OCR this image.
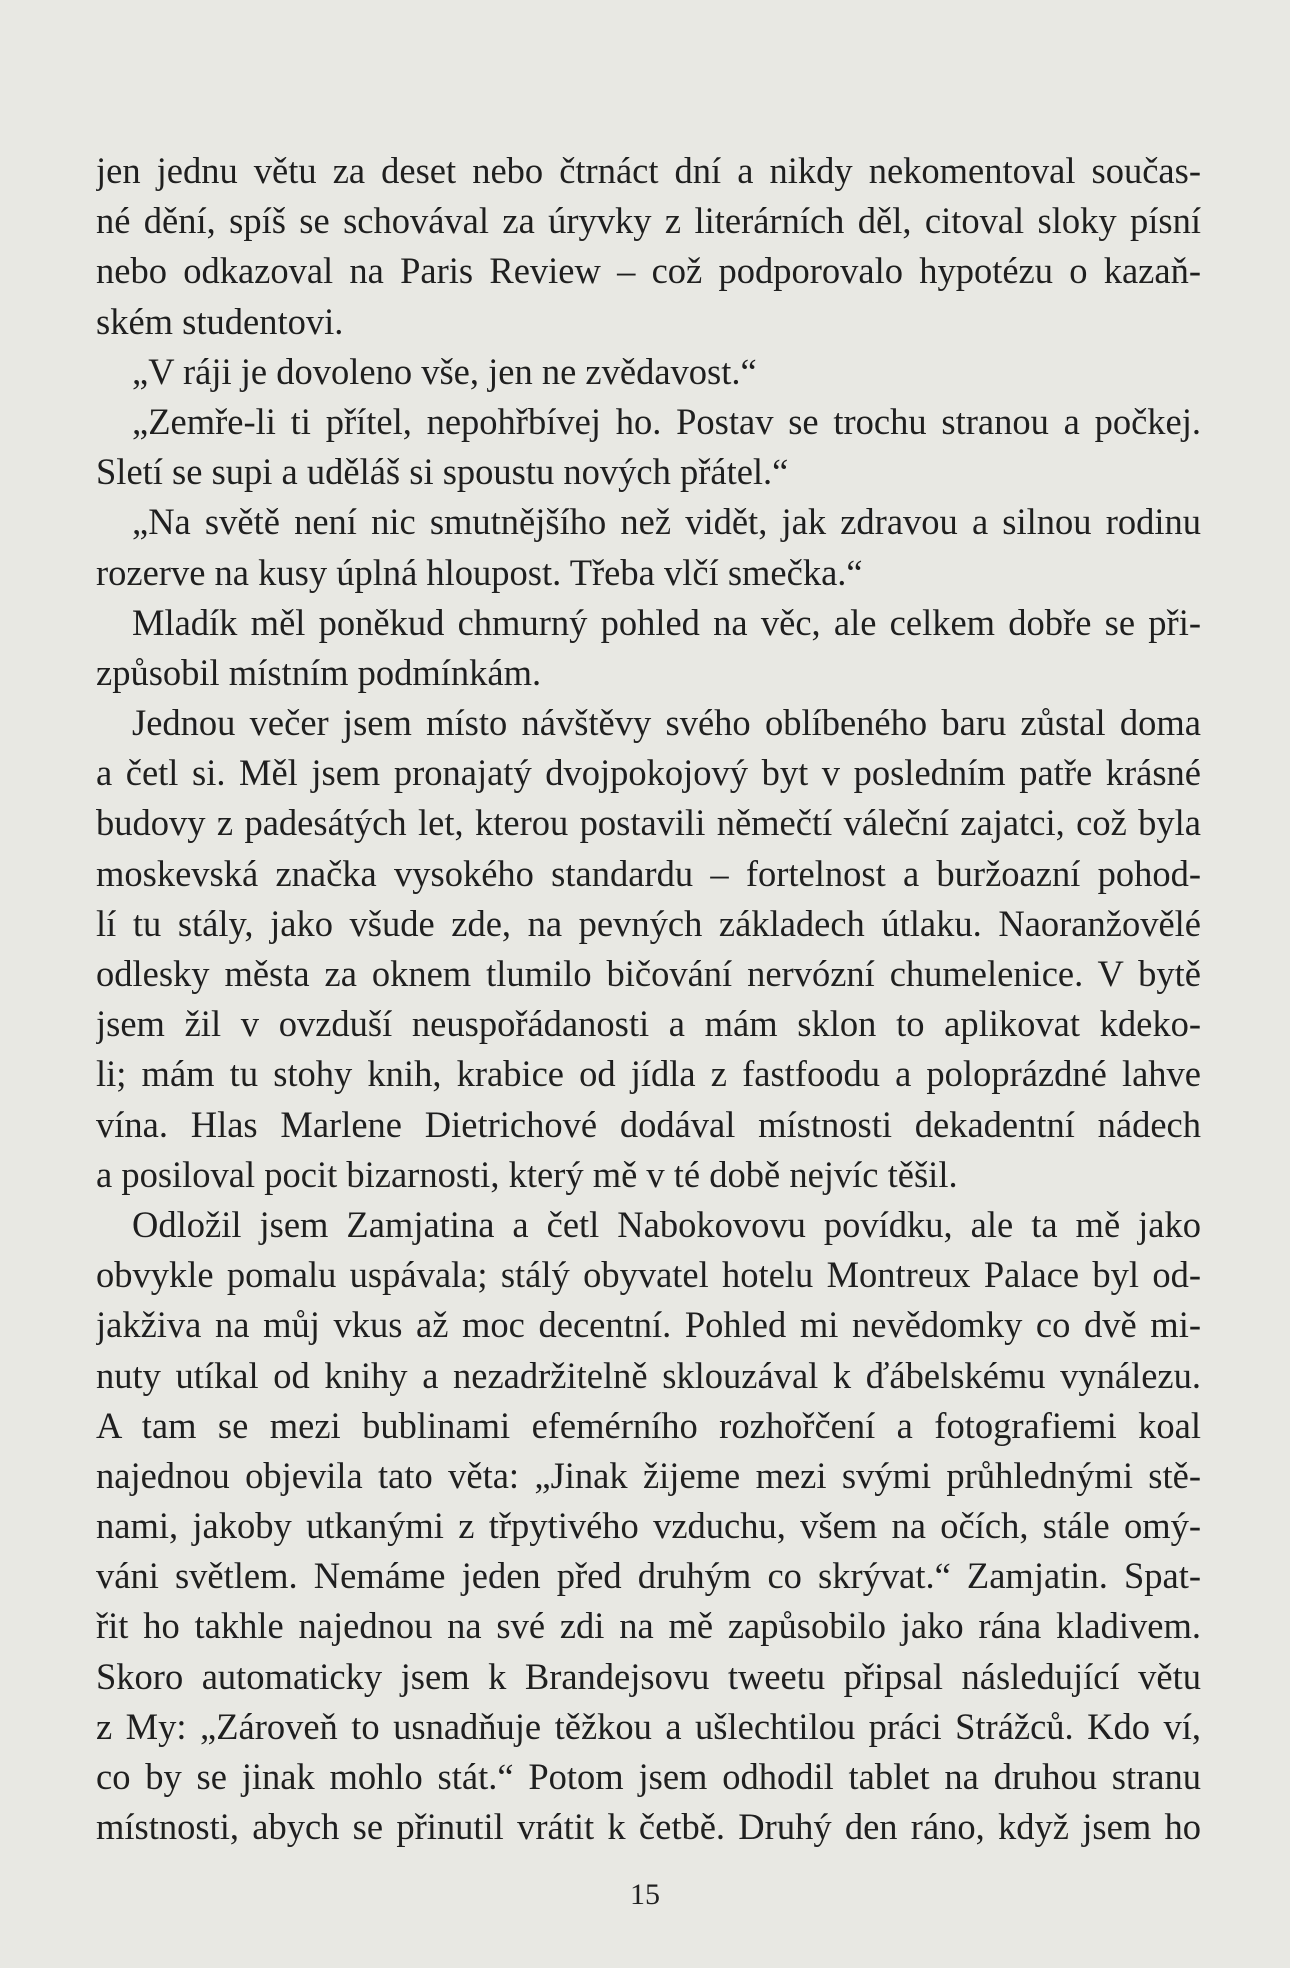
jen jednu větu za deset nebo čtrnáct dní a nikdy nekomentoval součas-
né dění, spíš se schovával za úryvky z literárních děl, citoval sloky písní
nebo odkazoval na Paris Review – což podporovalo hypotézu o kazaň-
ském studentovi.
„V ráji je dovoleno vše, jen ne zvědavost.“
„Zemře-li ti přítel, nepohřbívej ho. Postav se trochu stranou a počkej.
Sletí se supi a uděláš si spoustu nových přátel.“
„Na světě není nic smutnějšího než vidět, jak zdravou a silnou rodinu
rozerve na kusy úplná hloupost. Třeba vlčí smečka.“
Mladík měl poněkud chmurný pohled na věc, ale celkem dobře se při-
způsobil místním podmínkám.
Jednou večer jsem místo návštěvy svého oblíbeného baru zůstal doma
a četl si. Měl jsem pronajatý dvojpokojový byt v posledním patře krásné
budovy z padesátých let, kterou postavili němečtí váleční zajatci, což byla
moskevská značka vysokého standardu – fortelnost a buržoazní pohod-
lí tu stály, jako všude zde, na pevných základech útlaku. Naoranžovělé
odlesky města za oknem tlumilo bičování nervózní chumelenice. V bytě
jsem žil v ovzduší neuspořádanosti a mám sklon to aplikovat kdeko-
li; mám tu stohy knih, krabice od jídla z fastfoodu a poloprázdné lahve
vína. Hlas Marlene Dietrichové dodával místnosti dekadentní nádech
a posiloval pocit bizarnosti, který mě v té době nejvíc těšil.
Odložil jsem Zamjatina a četl Nabokovovu povídku, ale ta mě jako
obvykle pomalu uspávala; stálý obyvatel hotelu Montreux Palace byl od-
jakživa na můj vkus až moc decentní. Pohled mi nevědomky co dvě mi-
nuty utíkal od knihy a nezadržitelně sklouzával k ďábelskému vynálezu.
A tam se mezi bublinami efemérního rozhořčení a fotografiemi koal
najednou objevila tato věta: „Jinak žijeme mezi svými průhlednými stě-
nami, jakoby utkanými z třpytivého vzduchu, všem na očích, stále omý-
váni světlem. Nemáme jeden před druhým co skrývat.“ Zamjatin. Spat-
řit ho takhle najednou na své zdi na mě zapůsobilo jako rána kladivem.
Skoro automaticky jsem k Brandejsovu tweetu připsal následující větu
z My: „Zároveň to usnadňuje těžkou a ušlechtilou práci Strážců. Kdo ví,
co by se jinak mohlo stát.“ Potom jsem odhodil tablet na druhou stranu
místnosti, abych se přinutil vrátit k četbě. Druhý den ráno, když jsem ho
15
